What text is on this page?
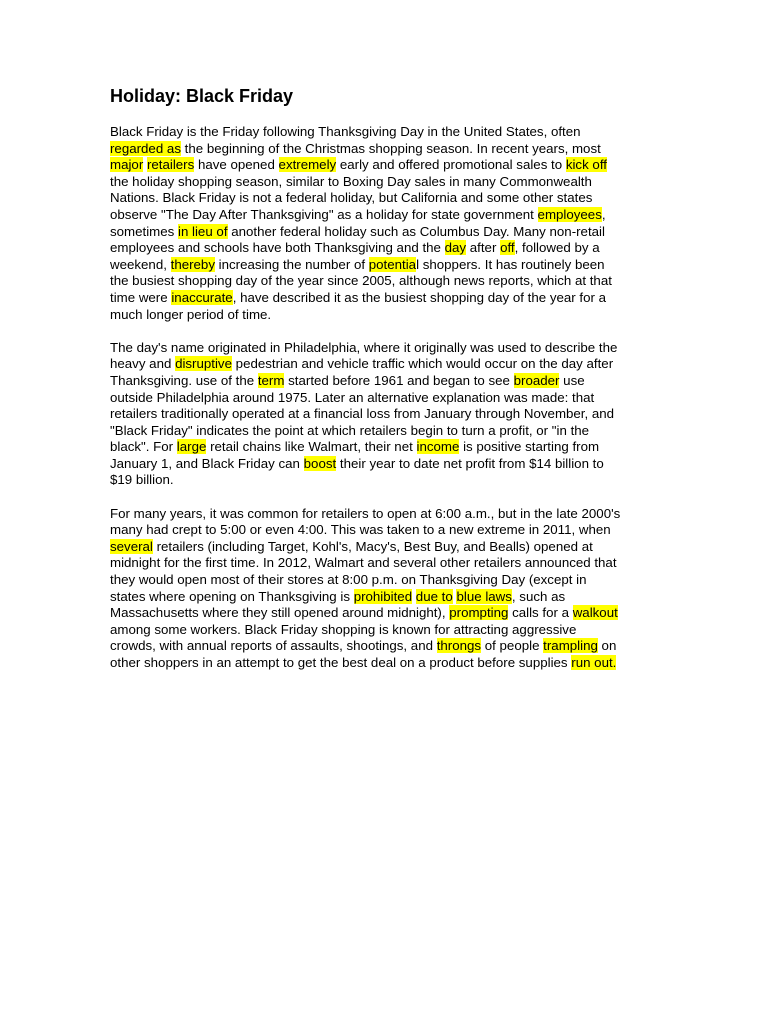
Holiday: Black Friday

Black Friday is the Friday following Thanksgiving Day in the United States, often
regarded as the beginning of the Christmas shopping season. In recent years, most
major retailers have opened extremely early and offered promotional sales to kick off
the holiday shopping season, similar to Boxing Day sales in many Commonwealth
Nations. Black Friday is not a federal holiday, but California and some other states
observe "The Day After Thanksgiving" as a holiday for state government employees,
sometimes in lieu of another federal holiday such as Columbus Day. Many non-retail
employees and schools have both Thanksgiving and the day after off, followed by a
weekend, thereby increasing the number of potential shoppers. It has routinely been
the busiest shopping day of the year since 2005, although news reports, which at that
time were inaccurate, have described it as the busiest shopping day of the year for a
much longer period of time.

The day's name originated in Philadelphia, where it originally was used to describe the
heavy and disruptive pedestrian and vehicle traffic which would occur on the day after
Thanksgiving. use of the term started before 1961 and began to see broader use
outside Philadelphia around 1975. Later an alternative explanation was made: that
retailers traditionally operated at a financial loss from January through November, and
"Black Friday" indicates the point at which retailers begin to turn a profit, or "in the
black". For large retail chains like Walmart, their net income is positive starting from
January 1, and Black Friday can boost their year to date net profit from $14 billion to
$19 billion.

For many years, it was common for retailers to open at 6:00 a.m., but in the late 2000's
many had crept to 5:00 or even 4:00. This was taken to a new extreme in 2011, when
several retailers (including Target, Kohl's, Macy's, Best Buy, and Bealls) opened at
midnight for the first time. In 2012, Walmart and several other retailers announced that
they would open most of their stores at 8:00 p.m. on Thanksgiving Day (except in
states where opening on Thanksgiving is prohibited due to blue laws, such as
Massachusetts where they still opened around midnight), prompting calls for a walkout
among some workers. Black Friday shopping is known for attracting aggressive
crowds, with annual reports of assaults, shootings, and throngs of people trampling on
other shoppers in an attempt to get the best deal on a product before supplies run out.
